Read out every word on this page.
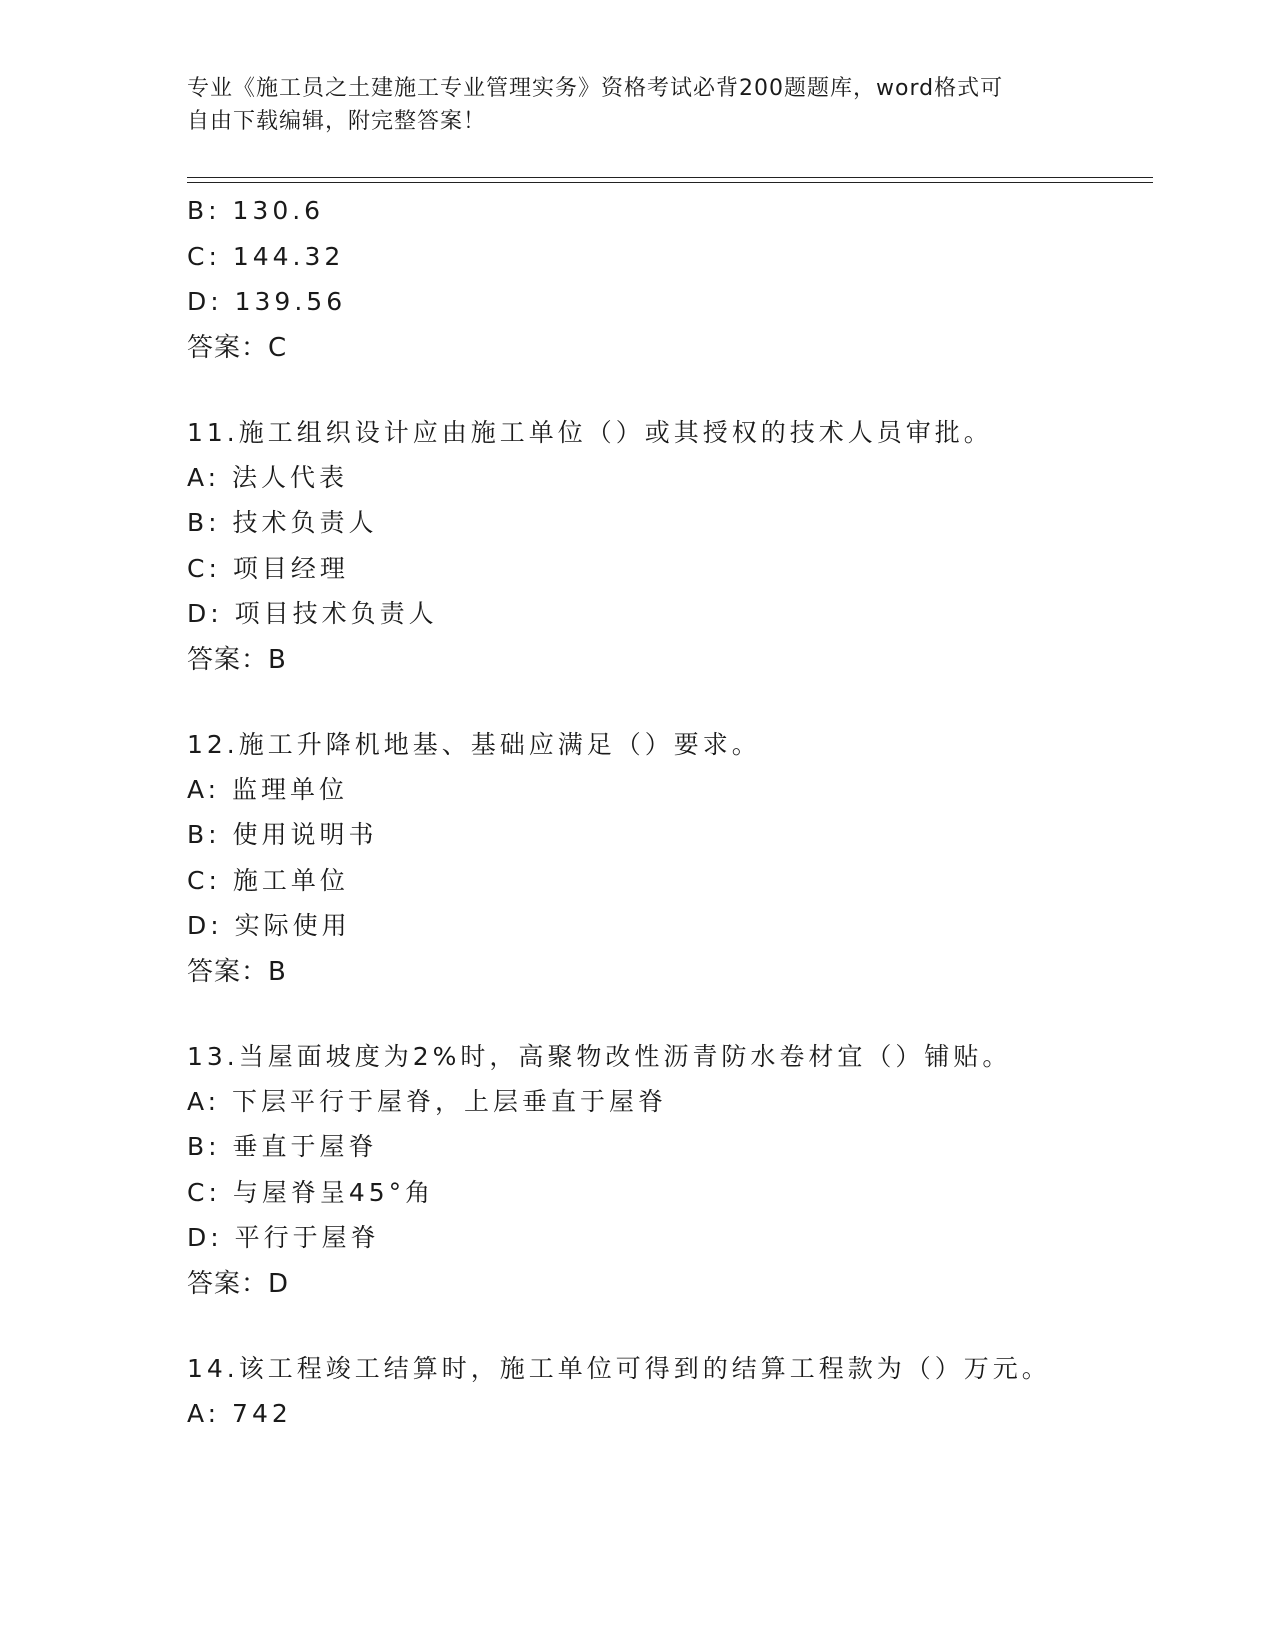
专业《施工员之土建施工专业管理实务》资格考试必背200题题库，word格式可
自由下载编辑，附完整答案！
B: 130.6
C: 144.32
D: 139.56
答案：C
11.施工组织设计应由施工单位（）或其授权的技术人员审批。
A: 法人代表
B: 技术负责人
C: 项目经理
D: 项目技术负责人
答案：B
12.施工升降机地基、基础应满足（）要求。
A: 监理单位
B: 使用说明书
C: 施工单位
D: 实际使用
答案：B
13.当屋面坡度为2%时，高聚物改性沥青防水卷材宜（）铺贴。
A: 下层平行于屋脊，上层垂直于屋脊
B: 垂直于屋脊
C: 与屋脊呈45°角
D: 平行于屋脊
答案：D
14.该工程竣工结算时，施工单位可得到的结算工程款为（）万元。
A: 742
